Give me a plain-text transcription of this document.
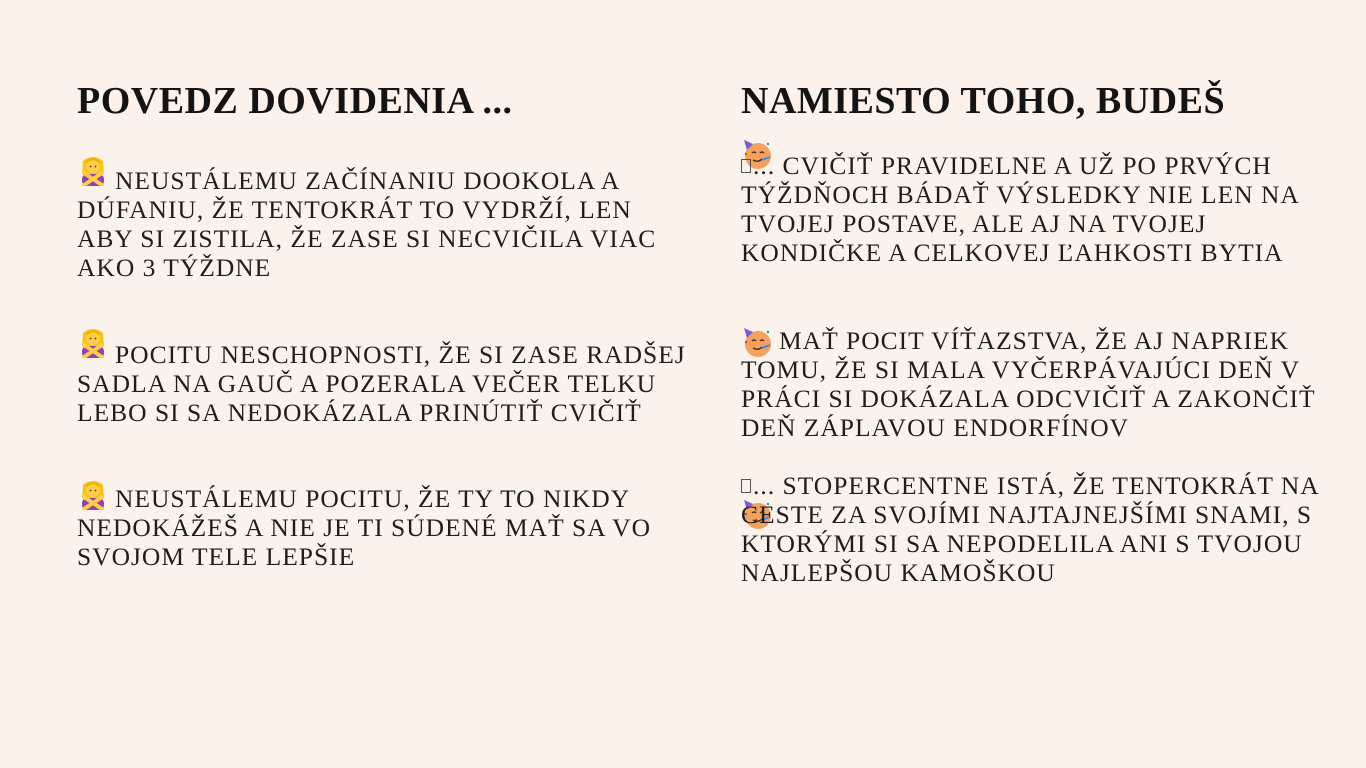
POVEDZ DOVIDENIA ...

NEUSTÁLEMU ZAČÍNANIU DOOKOLA A DÚFANIU, ŽE TENTOKRÁT TO VYDRŽÍ, LEN ABY SI ZISTILA, ŽE ZASE SI NECVIČILA VIAC AKO 3 TÝŽDNE

POCITU NESCHOPNOSTI, ŽE SI ZASE RADŠEJ SADLA NA GAUČ A POZERALA VEČER TELKU LEBO SI SA NEDOKÁZALA PRINÚTIŤ CVIČIŤ

NEUSTÁLEMU POCITU, ŽE TY TO NIKDY NEDOKÁŽEŠ A NIE JE TI SÚDENÉ MAŤ SA VO SVOJOM TELE LEPŠIE

NAMIESTO TOHO, BUDEŠ

... CVIČIŤ PRAVIDELNE A UŽ PO PRVÝCH TÝŽDŇOCH BÁDAŤ VÝSLEDKY NIE LEN NA TVOJEJ POSTAVE, ALE AJ NA TVOJEJ KONDIČKE A CELKOVEJ ĽAHKOSTI BYTIA

MAŤ POCIT VÍŤAZSTVA, ŽE AJ NAPRIEK TOMU, ŽE SI MALA VYČERPÁVAJÚCI DEŇ V PRÁCI SI DOKÁZALA ODCVIČIŤ A ZAKONČIŤ DEŇ ZÁPLAVOU ENDORFÍNOV

... STOPERCENTNE ISTÁ, ŽE TENTOKRÁT NA CESTE ZA SVOJÍMI NAJTAJNEJŠÍMI SNAMI, S KTORÝMI SI SA NEPODELILA ANI S TVOJOU NAJLEPŠOU KAMOŠKOU
